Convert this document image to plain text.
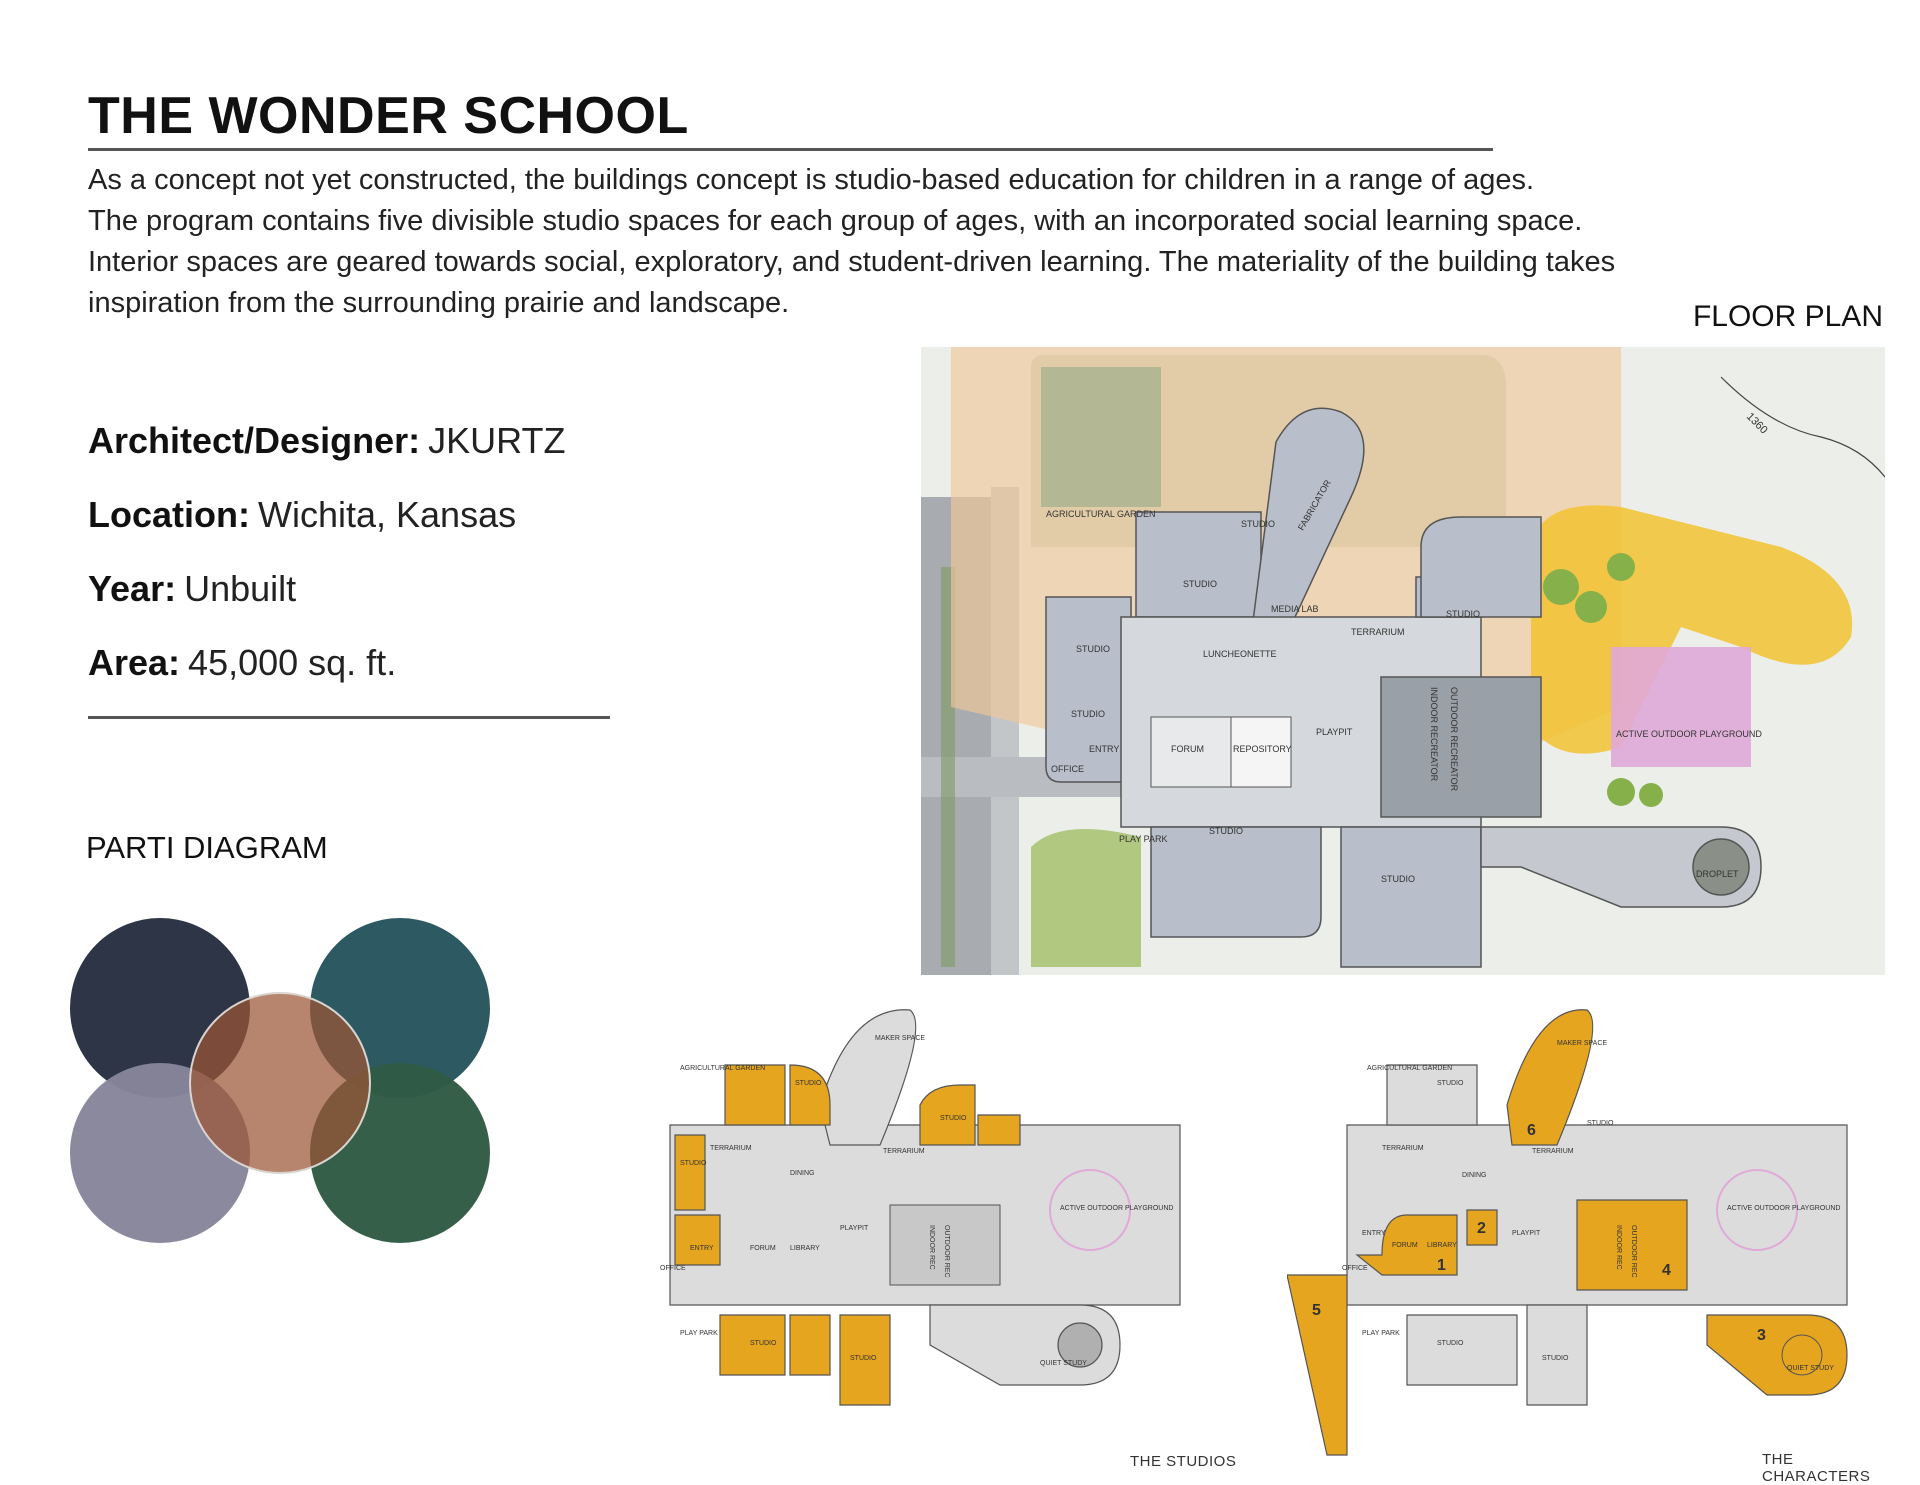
THE WONDER SCHOOL

As a concept not yet constructed, the buildings concept is studio-based education for children in a range of ages.
The program contains five divisible studio spaces for each group of ages, with an incorporated social learning space.
Interior spaces are geared towards social, exploratory, and student-driven learning. The materiality of the building takes
inspiration from the surrounding prairie and landscape.

Architect/Designer: JKURTZ
Location: Wichita, Kansas
Year: Unbuilt
Area: 45,000 sq. ft.
PARTI DIAGRAM
FLOOR PLAN
FABRICATOR
MEDIA LAB
AGRICULTURAL GARDEN
STUDIO
STUDIO
STUDIO
STUDIO
STUDIO
STUDIO
STUDIO
TERRARIUM
LUNCHEONETTE
FORUM	REPOSITORY
PLAYPIT	INDOOR RECREATOR OUTDOOR RECREATOR	ACTIVE OUTDOOR PLAYGROUND
ENTRY
OFFICE
PLAY PARK
DROPLET
1360
MAKER SPACE
AGRICULTURAL GARDEN
STUDIO
STUDIO
STUDIO
STUDIO
STUDIO
TERRARIUM	TERRARIUM
DINING
FORUM LIBRARY
PLAYPIT	INDOOR REC OUTDOOR REC
ACTIVE OUTDOOR PLAYGROUND
ENTRY
OFFICE
PLAY PARK
QUIET STUDY
THE STUDIOS
MAKER SPACE
AGRICULTURAL GARDEN
STUDIO
STUDIO
STUDIO
STUDIO
TERRARIUM	TERRARIUM
DINING
FORUM LIBRARY
PLAYPIT	INDOOR REC OUTDOOR REC
ACTIVE OUTDOOR PLAYGROUND
ENTRY
OFFICE
PLAY PARK
QUIET STUDY
1
2
3
4
5
6
THE CHARACTERS
